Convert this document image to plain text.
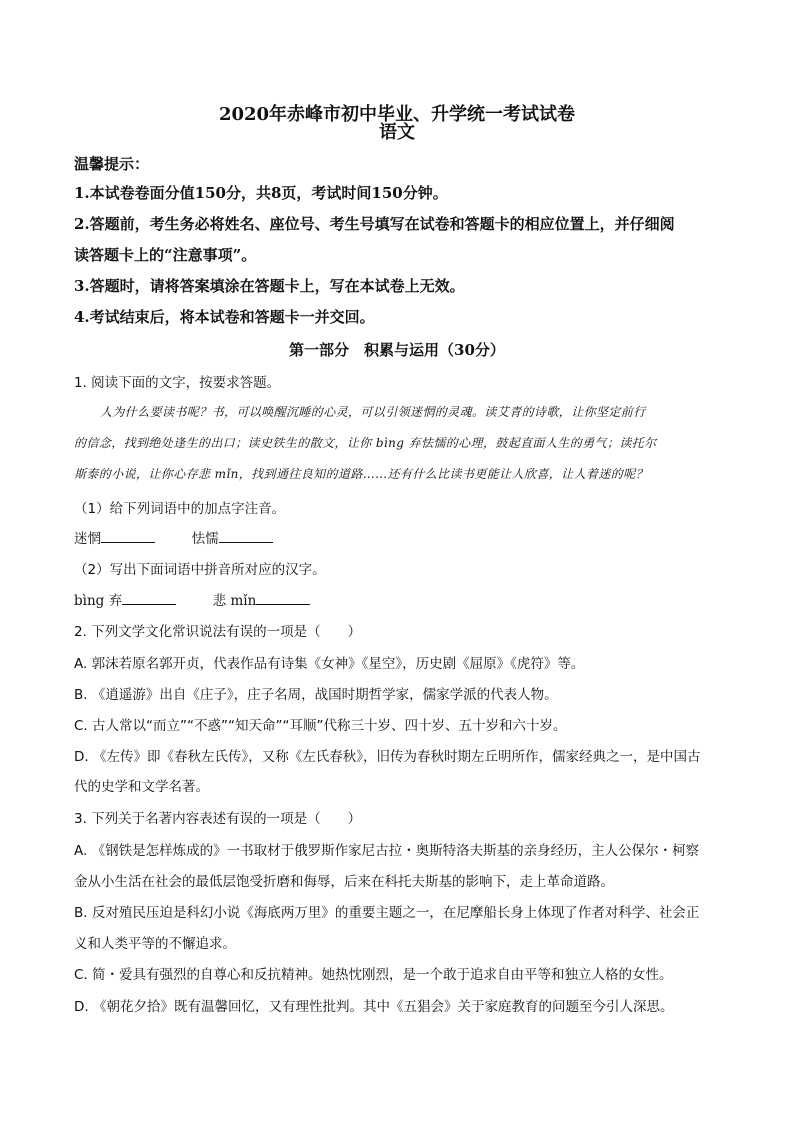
2020年赤峰市初中毕业、升学统一考试试卷
语文
温馨提示：
1.本试卷卷面分值150分，共8页，考试时间150分钟。
2.答题前，考生务必将姓名、座位号、考生号填写在试卷和答题卡的相应位置上，并仔细阅
读答题卡上的“注意事项”。
3.答题时，请将答案填涂在答题卡上，写在本试卷上无效。
4.考试结束后，将本试卷和答题卡一并交回。
第一部分　积累与运用（30分）
1. 阅读下面的文字，按要求答题。
人为什么要读书呢？书，可以唤醒沉睡的心灵，可以引领迷惘的灵魂。读艾青的诗歌，让你坚定前行
的信念，找到绝处逢生的出口；读史铁生的散文，让你 bìng 弃怯懦的心理，鼓起直面人生的勇气；读托尔
斯泰的小说，让你心存悲 mǐn，找到通往良知的道路……还有什么比读书更能让人欣喜，让人着迷的呢？
（1）给下列词语中的加点字注音。
迷惘	怯懦
（2）写出下面词语中拼音所对应的汉字。
bìng 弃	悲 mǐn
2. 下列文学文化常识说法有误的一项是（　　）
A. 郭沫若原名郭开贞，代表作品有诗集《女神》《星空》，历史剧《屈原》《虎符》等。
B. 《逍遥游》出自《庄子》，庄子名周，战国时期哲学家，儒家学派的代表人物。
C. 古人常以“而立”“不惑”“知天命”“耳顺”代称三十岁、四十岁、五十岁和六十岁。
D. 《左传》即《春秋左氏传》，又称《左氏春秋》，旧传为春秋时期左丘明所作，儒家经典之一，是中国古
代的史学和文学名著。
3. 下列关于名著内容表述有误的一项是（　　）
A. 《钢铁是怎样炼成的》一书取材于俄罗斯作家尼古拉・奥斯特洛夫斯基的亲身经历，主人公保尔・柯察
金从小生活在社会的最低层饱受折磨和侮辱，后来在科托夫斯基的影响下，走上革命道路。
B. 反对殖民压迫是科幻小说《海底两万里》的重要主题之一，在尼摩船长身上体现了作者对科学、社会正
义和人类平等的不懈追求。
C. 简・爱具有强烈的自尊心和反抗精神。她热忱刚烈，是一个敢于追求自由平等和独立人格的女性。
D. 《朝花夕拾》既有温馨回忆，又有理性批判。其中《五猖会》关于家庭教育的问题至今引人深思。
